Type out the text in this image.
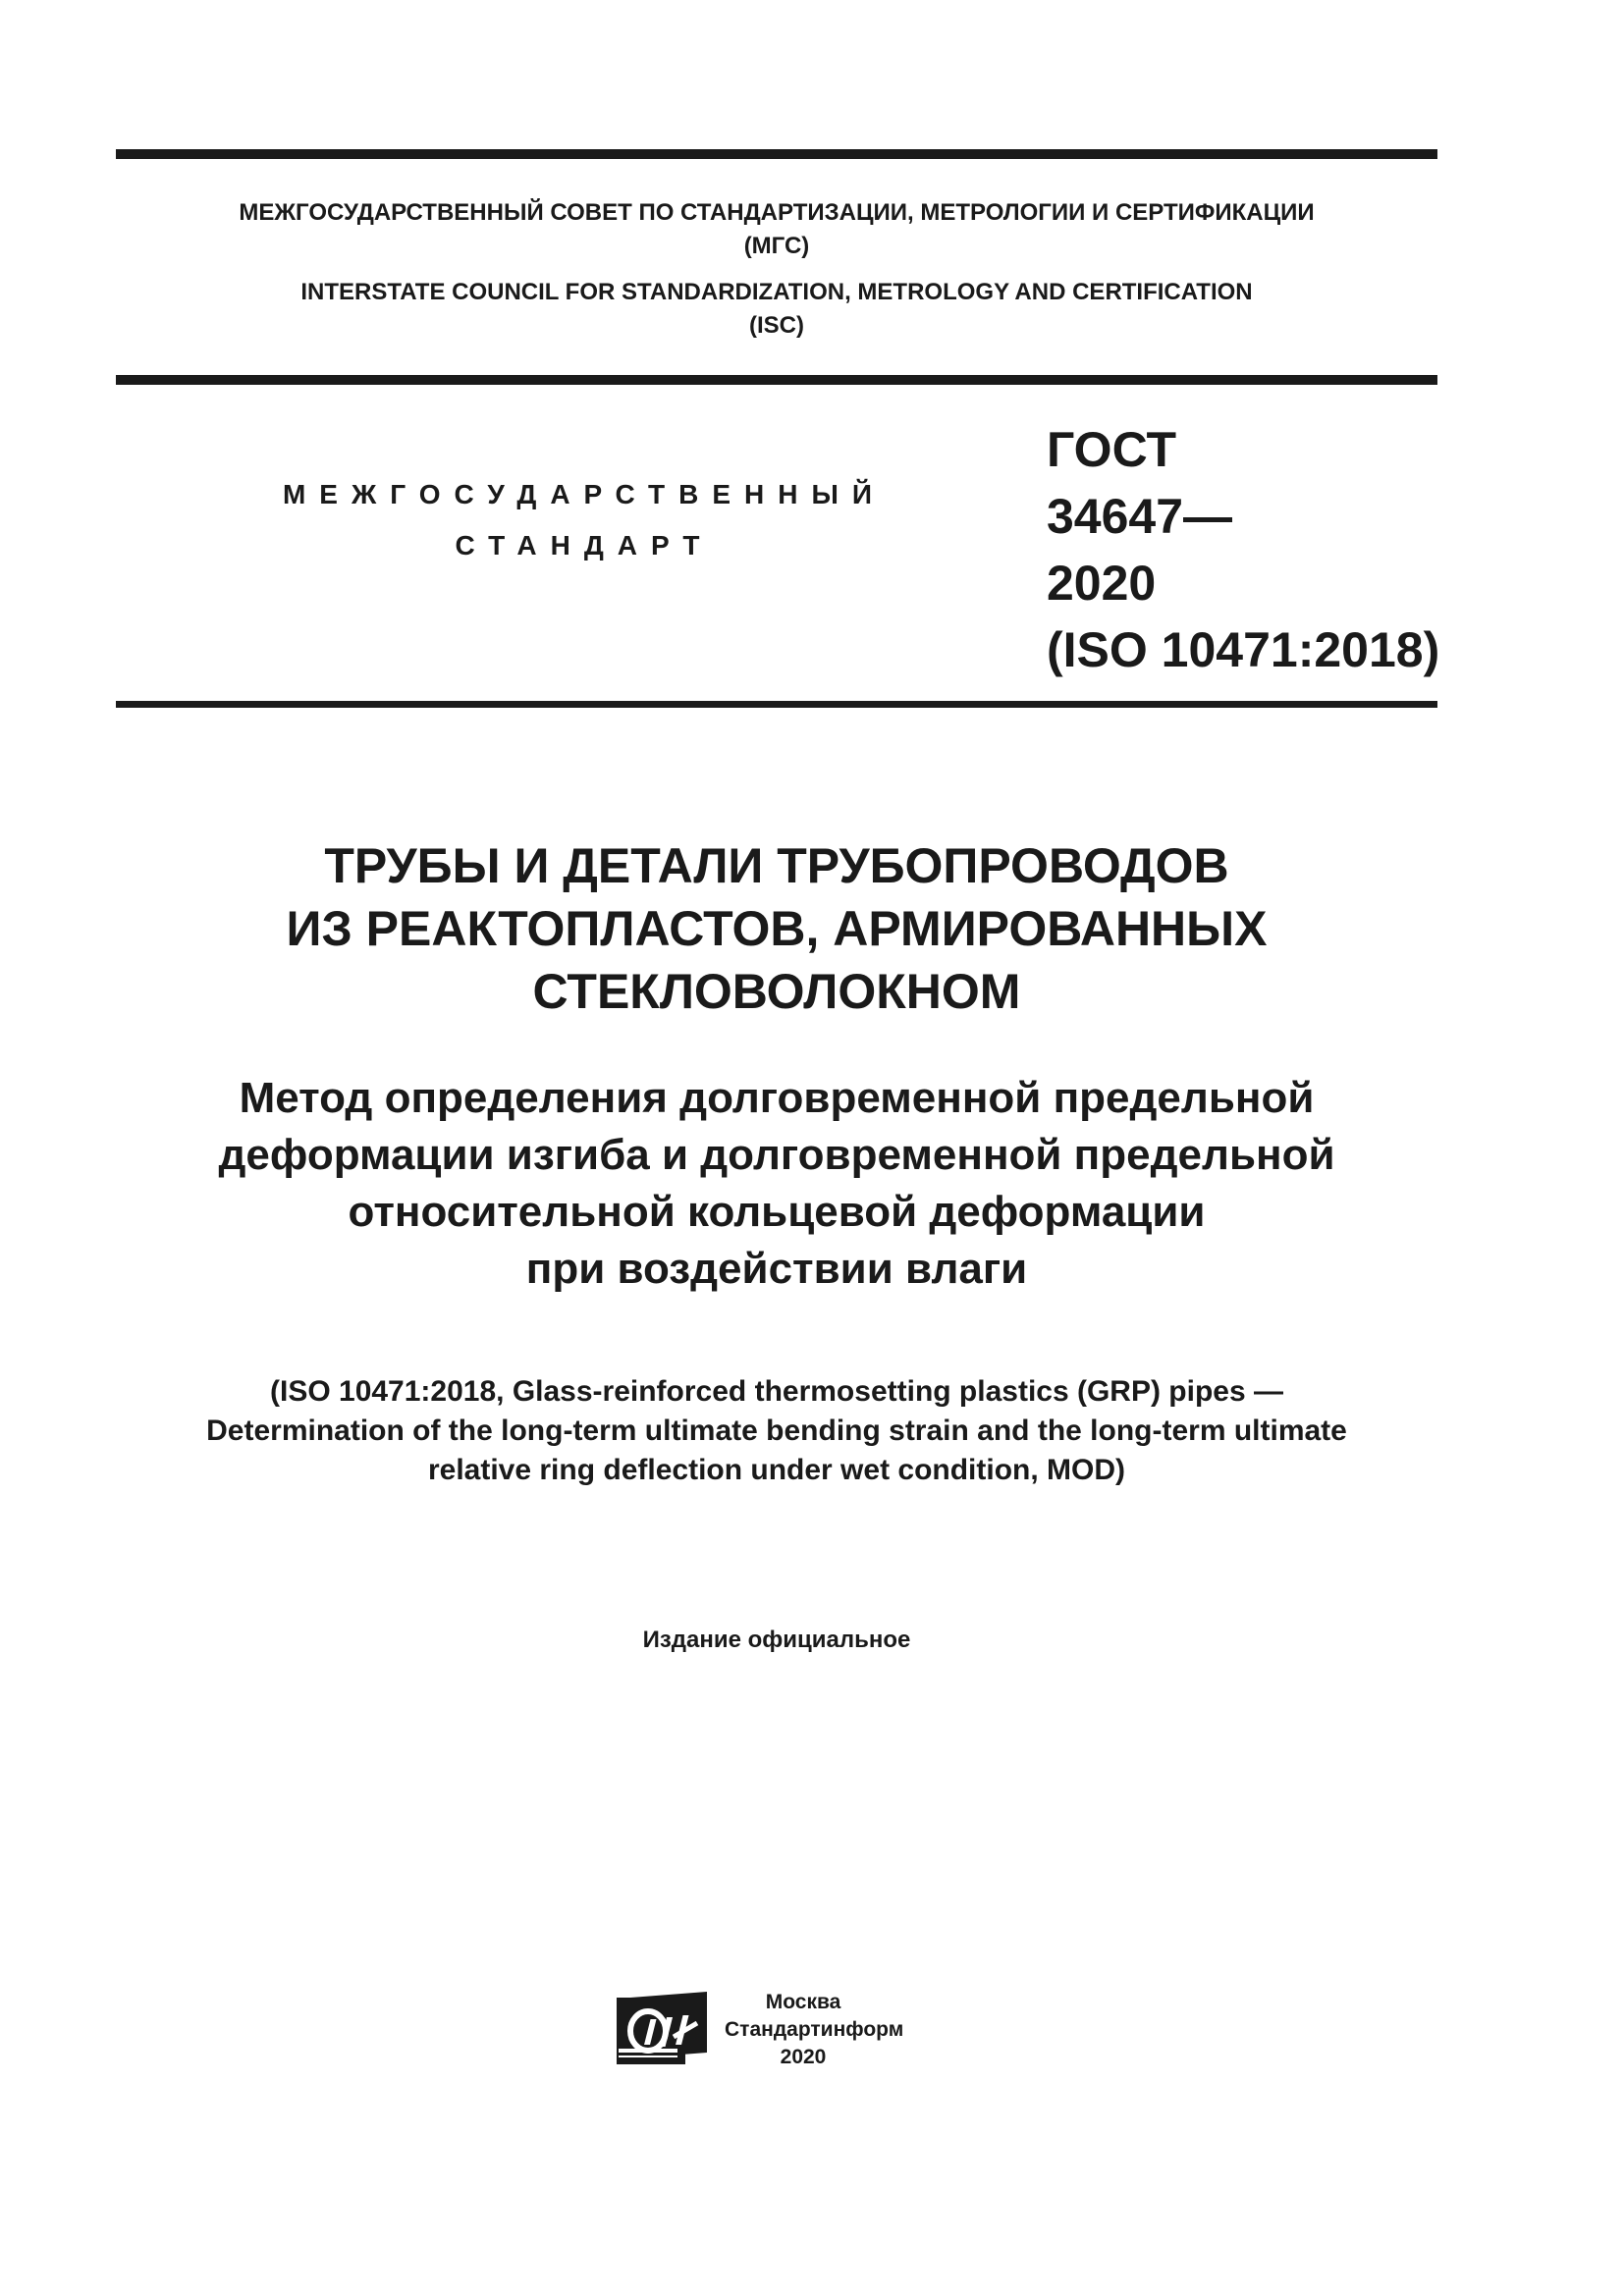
МЕЖГОСУДАРСТВЕННЫЙ СОВЕТ ПО СТАНДАРТИЗАЦИИ, МЕТРОЛОГИИ И СЕРТИФИКАЦИИ
(МГС)
INTERSTATE COUNCIL FOR STANDARDIZATION, METROLOGY AND CERTIFICATION
(ISC)
МЕЖГОСУДАРСТВЕННЫЙ
СТАНДАРТ
ГОСТ
34647—
2020
(ISO 10471:2018)
ТРУБЫ И ДЕТАЛИ ТРУБОПРОВОДОВ
ИЗ РЕАКТОПЛАСТОВ, АРМИРОВАННЫХ
СТЕКЛОВОЛОКНОМ
Метод определения долговременной предельной
деформации изгиба и долговременной предельной
относительной кольцевой деформации
при воздействии влаги
(ISO 10471:2018, Glass-reinforced thermosetting plastics (GRP) pipes —
Determination of the long-term ultimate bending strain and the long-term ultimate
relative ring deflection under wet condition, MOD)
Издание официальное
Москва
Стандартинформ
2020
